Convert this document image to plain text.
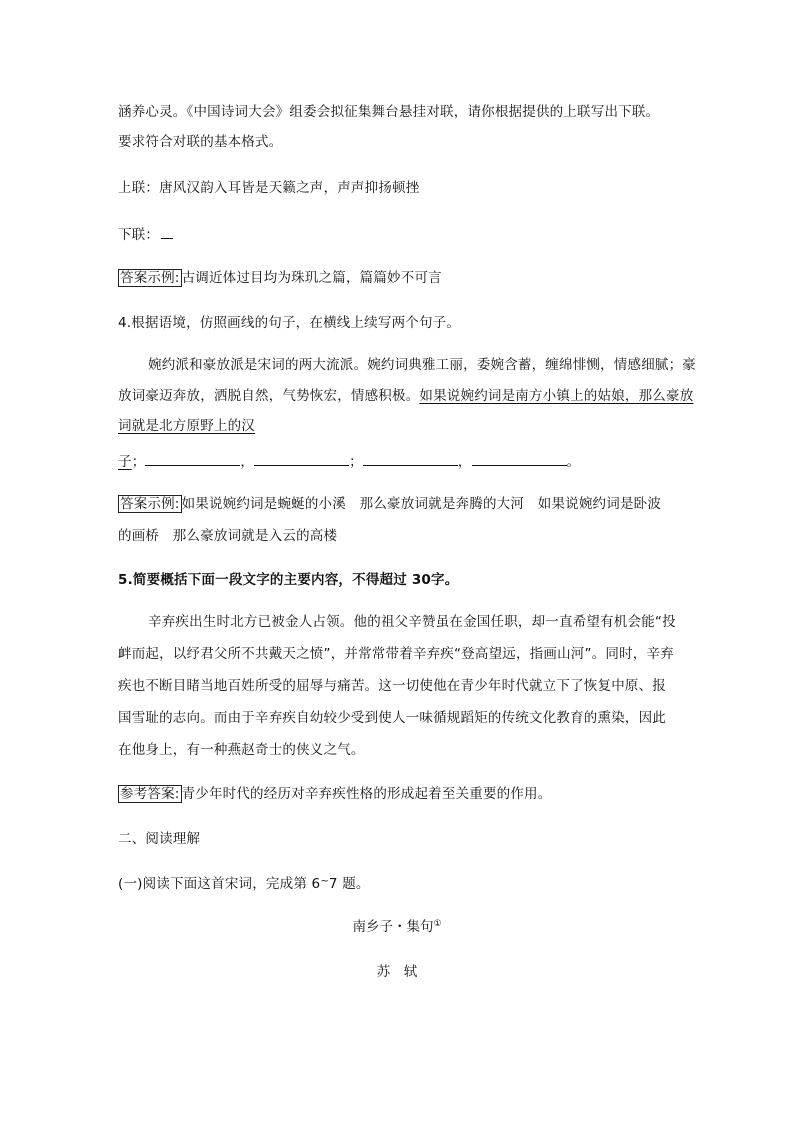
涵养心灵。《中国诗词大会》组委会拟征集舞台悬挂对联，请你根据提供的上联写出下联。
要求符合对联的基本格式。
上联：唐风汉韵入耳皆是天籁之声，声声抑扬顿挫
下联：
答案示例: 古调近体过目均为珠玑之篇，篇篇妙不可言
4.根据语境，仿照画线的句子，在横线上续写两个句子。
婉约派和豪放派是宋词的两大流派。婉约词典雅工丽，委婉含蓄，缠绵悱恻，情感细腻；豪
放词豪迈奔放，洒脱自然，气势恢宏，情感积极。如果说婉约词是南方小镇上的姑娘，那么豪放
词就是北方原野上的汉
子；	，	；	，	。
答案示例: 如果说婉约词是蜿蜒的小溪　那么豪放词就是奔腾的大河　如果说婉约词是卧波
的画桥　那么豪放词就是入云的高楼
5.简要概括下面一段文字的主要内容，不得超过 30字。
辛弃疾出生时北方已被金人占领。他的祖父辛赞虽在金国任职，却一直希望有机会能“投
衅而起，以纾君父所不共戴天之愤”，并常常带着辛弃疾“登高望远，指画山河”。同时，辛弃
疾也不断目睹当地百姓所受的屈辱与痛苦。这一切使他在青少年时代就立下了恢复中原、报
国雪耻的志向。而由于辛弃疾自幼较少受到使人一味循规蹈矩的传统文化教育的熏染，因此
在他身上，有一种燕赵奇士的侠义之气。
参考答案: 青少年时代的经历对辛弃疾性格的形成起着至关重要的作用。
二、阅读理解
(一)阅读下面这首宋词，完成第 6~7 题。
南乡子・集句①
苏　轼
